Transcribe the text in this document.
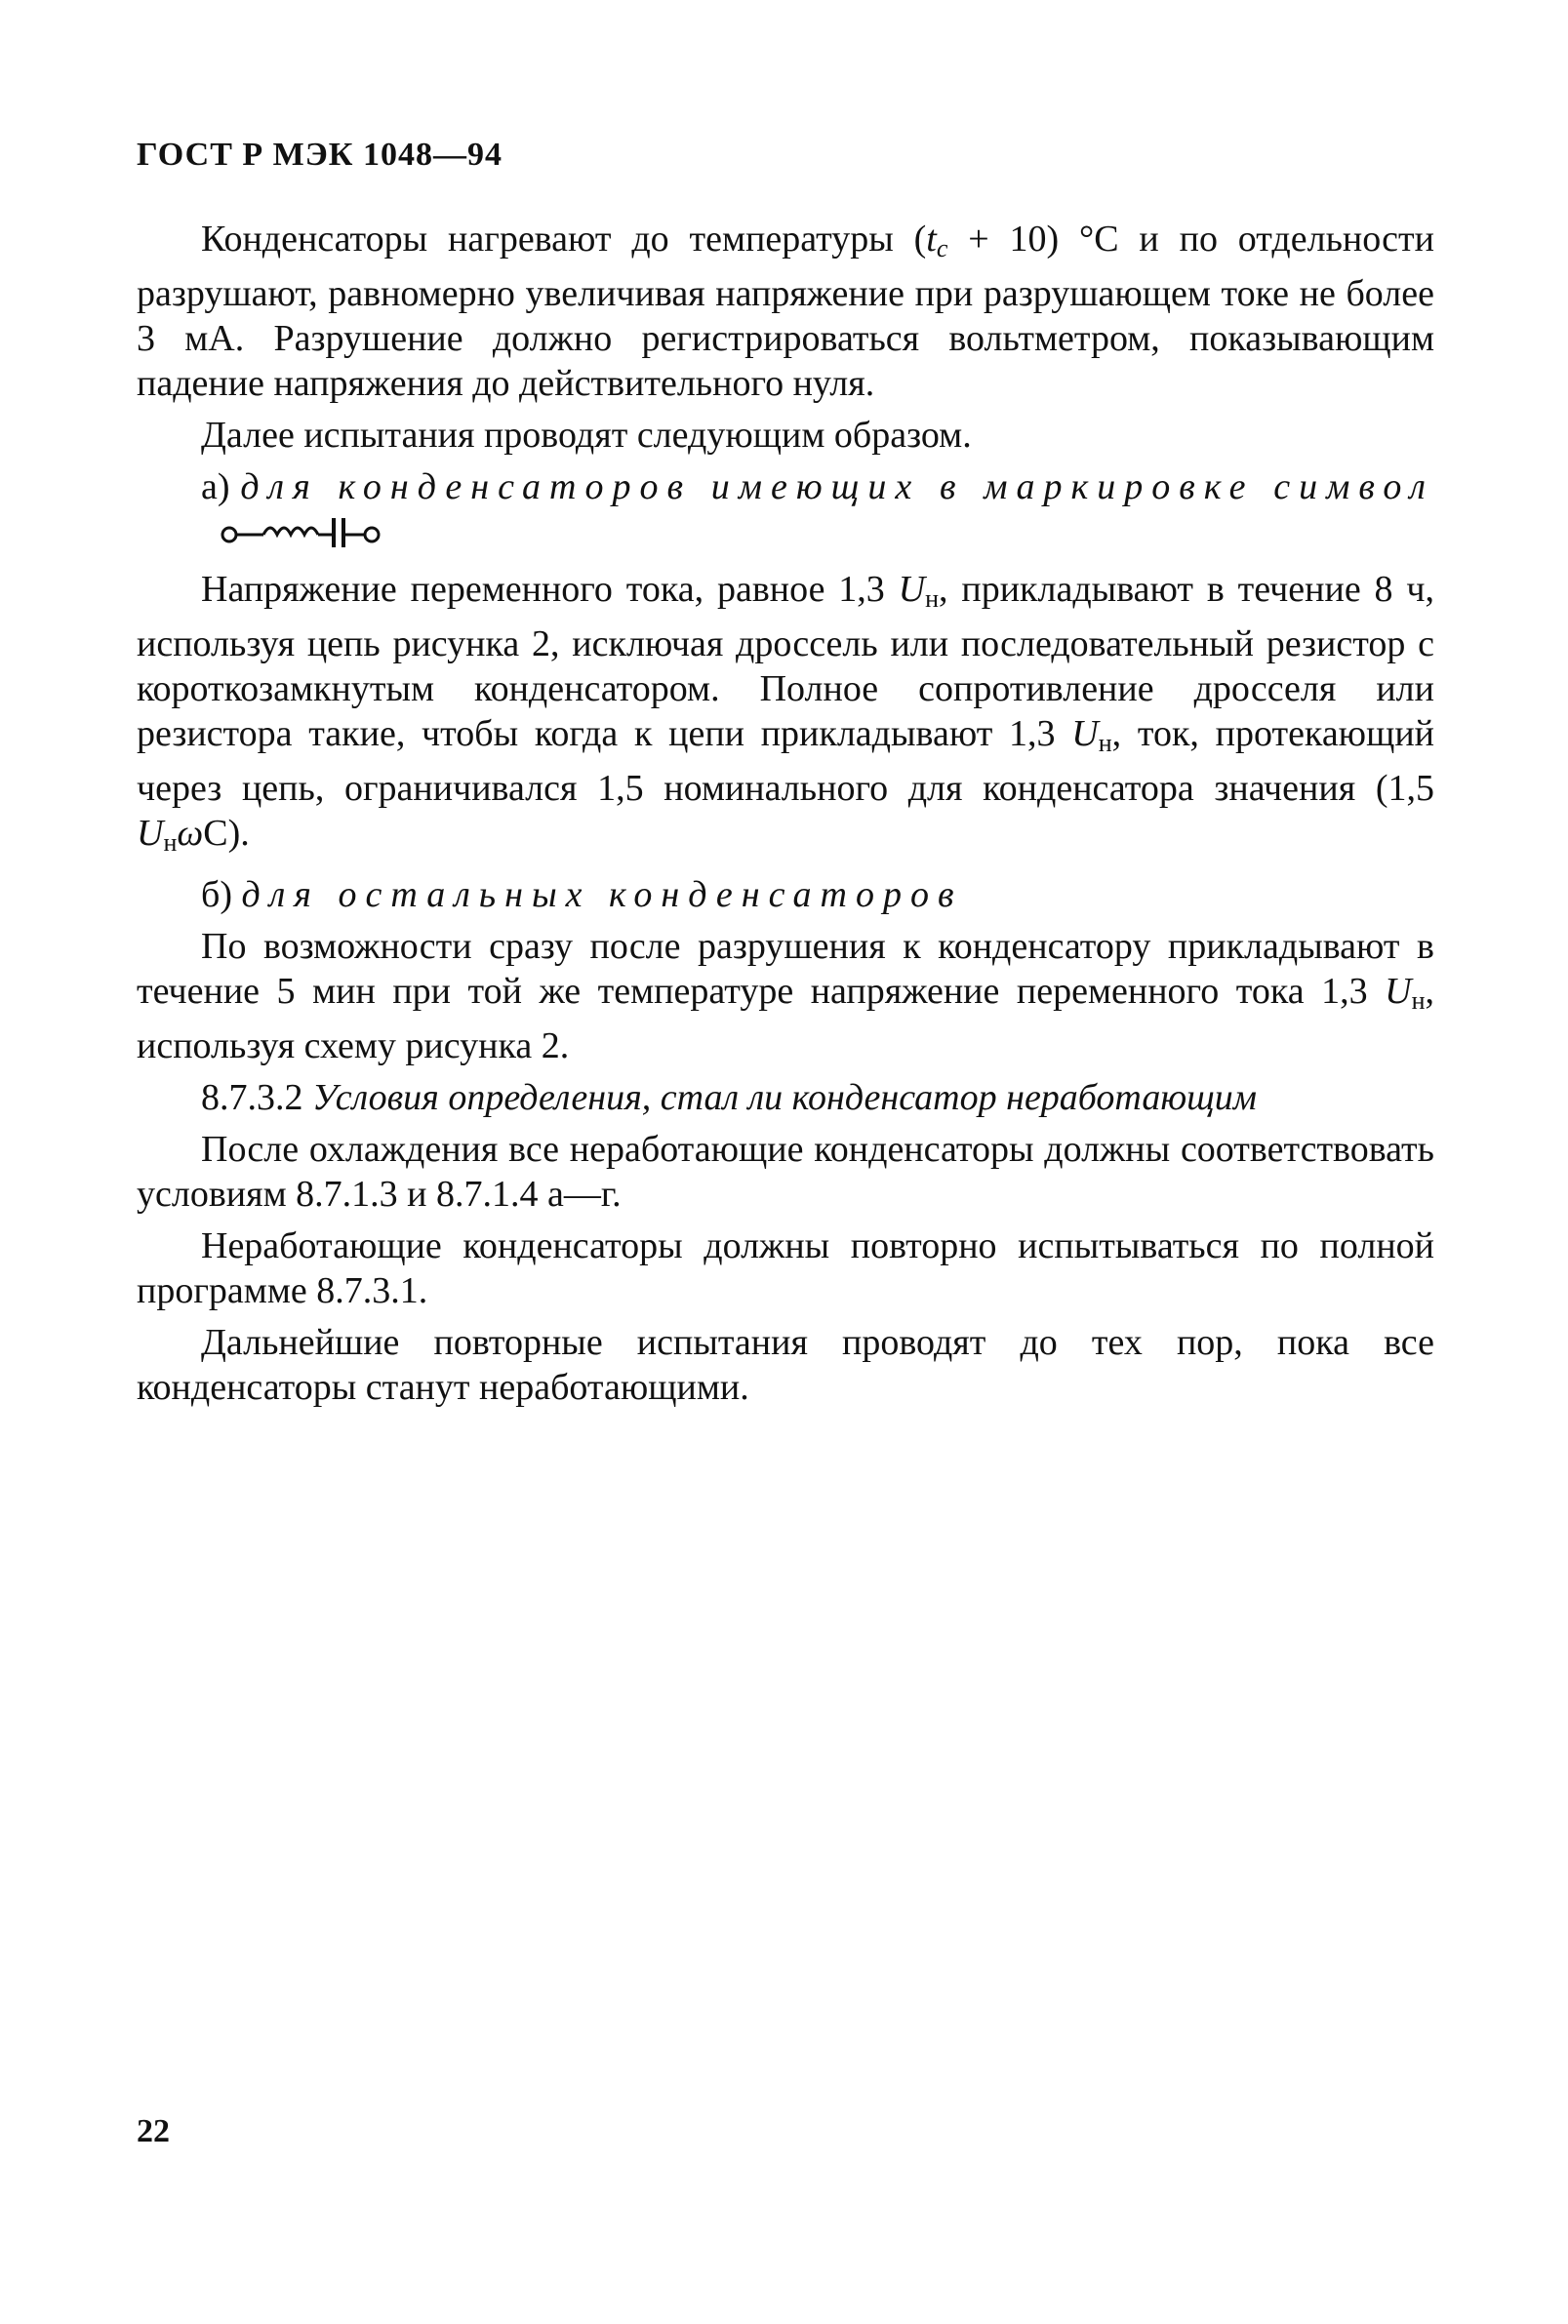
ГОСТ Р МЭК 1048—94

Конденсаторы нагревают до температуры $(t_c + 10)$ °С и по отдельности разрушают, равномерно увеличивая напряжение при разрушающем токе не более 3 мА. Разрушение должно регистрироваться вольтметром, показывающим падение напряжения до действительного нуля.

Далее испытания проводят следующим образом.

а) для конденсаторов имеющих в маркировке символ

Напряжение переменного тока, равное 1,3 $U_н$, прикладывают в течение 8 ч, используя цепь рисунка 2, исключая дроссель или последовательный резистор с короткозамкнутым конденсатором. Полное сопротивление дросселя или резистора такие, чтобы когда к цепи прикладывают 1,3 $U_н$, ток, протекающий через цепь, ограничивался 1,5 номинального для конденсатора значения (1,5 $U_н\omega C$).

б) для остальных конденсаторов

По возможности сразу после разрушения к конденсатору прикладывают в течение 5 мин при той же температуре напряжение переменного тока 1,3 $U_н$, используя схему рисунка 2.

8.7.3.2 Условия определения, стал ли конденсатор неработающим

После охлаждения все неработающие конденсаторы должны соответствовать условиям 8.7.1.3 и 8.7.1.4 а—г.

Неработающие конденсаторы должны повторно испытываться по полной программе 8.7.3.1.

Дальнейшие повторные испытания проводят до тех пор, пока все конденсаторы станут неработающими.

22
